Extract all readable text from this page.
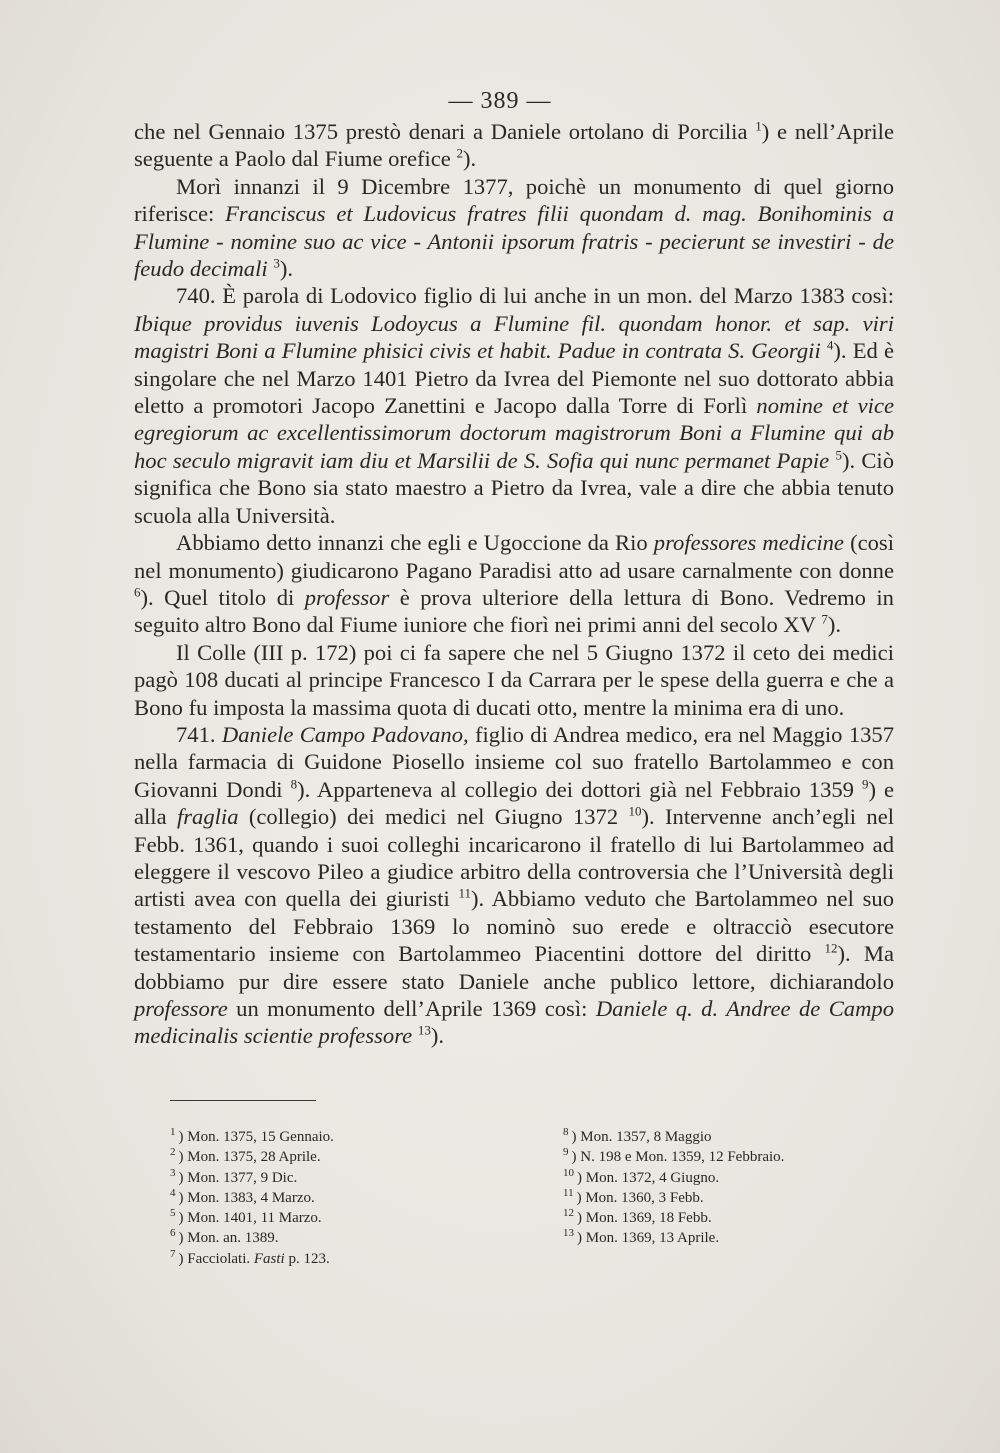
— 389 —

che nel Gennaio 1375 prestò denari a Daniele ortolano di Porcilia $^1$) e nell’Aprile seguente a Paolo dal Fiume orefice $^2$).

Morì innanzi il 9 Dicembre 1377, poichè un monumento di quel giorno riferisce: Franciscus et Ludovicus fratres filii quondam d. mag. Bonihominis a Flumine - nomine suo ac vice - Antonii ipsorum fratris - pecierunt se investiri - de feudo decimali $^3$).

740. È parola di Lodovico figlio di lui anche in un mon. del Marzo 1383 così: Ibique providus iuvenis Lodoycus a Flumine fil. quondam honor. et sap. viri magistri Boni a Flumine phisici civis et habit. Padue in contrata S. Georgii $^4$). Ed è singolare che nel Marzo 1401 Pietro da Ivrea del Piemonte nel suo dottorato abbia eletto a promotori Jacopo Zanettini e Jacopo dalla Torre di Forlì nomine et vice egregiorum ac excellentissimorum doctorum magistrorum Boni a Flumine qui ab hoc seculo migravit iam diu et Marsilii de S. Sofia qui nunc permanet Papie $^5$). Ciò significa che Bono sia stato maestro a Pietro da Ivrea, vale a dire che abbia tenuto scuola alla Università.

Abbiamo detto innanzi che egli e Ugoccione da Rio professores medicine (così nel monumento) giudicarono Pagano Paradisi atto ad usare carnalmente con donne $^6$). Quel titolo di professor è prova ulteriore della lettura di Bono. Vedremo in seguito altro Bono dal Fiume iuniore che fiorì nei primi anni del secolo XV $^7$).

Il Colle (III p. 172) poi ci fa sapere che nel 5 Giugno 1372 il ceto dei medici pagò 108 ducati al principe Francesco I da Carrara per le spese della guerra e che a Bono fu imposta la massima quota di ducati otto, mentre la minima era di uno.

741. Daniele Campo Padovano, figlio di Andrea medico, era nel Maggio 1357 nella farmacia di Guidone Piosello insieme col suo fratello Bartolammeo e con Giovanni Dondi $^8$). Apparteneva al collegio dei dottori già nel Febbraio 1359 $^9$) e alla fraglia (collegio) dei medici nel Giugno 1372 $^{10}$). Intervenne anch’egli nel Febb. 1361, quando i suoi colleghi incaricarono il fratello di lui Bartolammeo ad eleggere il vescovo Pileo a giudice arbitro della controversia che l’Università degli artisti avea con quella dei giuristi $^{11}$). Abbiamo veduto che Bartolammeo nel suo testamento del Febbraio 1369 lo nominò suo erede e oltracciò esecutore testamentario insieme con Bartolammeo Piacentini dottore del diritto $^{12}$). Ma dobbiamo pur dire essere stato Daniele anche publico lettore, dichiarandolo professore un monumento dell’Aprile 1369 così: Daniele q. d. Andree de Campo medicinalis scientie professore $^{13}$).

$^1$ ) Mon. 1375, 15 Gennaio.
$^2$ ) Mon. 1375, 28 Aprile.
$^3$ ) Mon. 1377, 9 Dic.
$^4$ ) Mon. 1383, 4 Marzo.
$^5$ ) Mon. 1401, 11 Marzo.
$^6$ ) Mon. an. 1389.
$^7$ ) Facciolati. Fasti p. 123.
$^8$ ) Mon. 1357, 8 Maggio
$^9$ ) N. 198 e Mon. 1359, 12 Febbraio.
$^{10}$ ) Mon. 1372, 4 Giugno.
$^{11}$ ) Mon. 1360, 3 Febb.
$^{12}$ ) Mon. 1369, 18 Febb.
$^{13}$ ) Mon. 1369, 13 Aprile.
